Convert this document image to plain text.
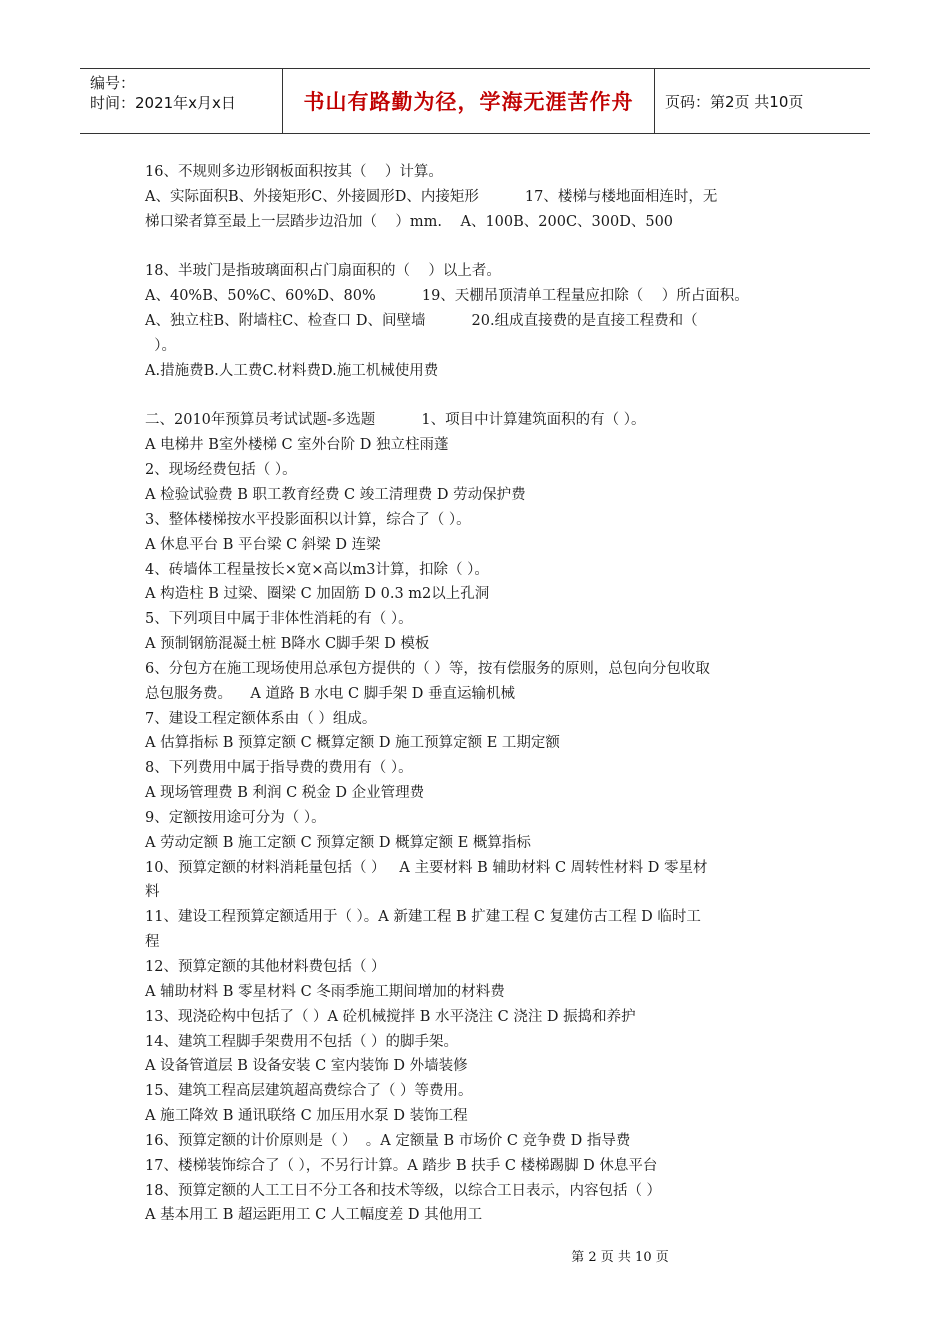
编号：
时间：2021年x月x日	书山有路勤为径，学海无涯苦作舟	页码：第2页 共10页
16、不规则多边形钢板面积按其（    ）计算。
A、实际面积B、外接矩形C、外接圆形D、内接矩形          17、楼梯与楼地面相连时，无
梯口梁者算至最上一层踏步边沿加（    ）mm.    A、100B、200C、300D、500
18、半玻门是指玻璃面积占门扇面积的（    ）以上者。
A、40%B、50%C、60%D、80%          19、天棚吊顶清单工程量应扣除（    ）所占面积。
A、独立柱B、附墙柱C、检查口 D、间壁墙          20.组成直接费的是直接工程费和（
）。
A.措施费B.人工费C.材料费D.施工机械使用费
二、2010年预算员考试试题-多选题          1、项目中计算建筑面积的有（ ）。
A 电梯井 B室外楼梯 C 室外台阶 D 独立柱雨蓬
2、现场经费包括（ ）。
A 检验试验费 B 职工教育经费 C 竣工清理费 D 劳动保护费
3、整体楼梯按水平投影面积以计算，综合了（ ）。
A 休息平台 B 平台梁 C 斜梁 D 连梁
4、砖墙体工程量按长×宽×高以m3计算，扣除（ ）。
A 构造柱 B 过梁、圈梁 C 加固筋 D 0.3 m2以上孔洞
5、下列项目中属于非体性消耗的有（ ）。
A 预制钢筋混凝土桩 B降水 C脚手架 D 模板
6、分包方在施工现场使用总承包方提供的（ ）等，按有偿服务的原则，总包向分包收取
总包服务费。    A 道路 B 水电 C 脚手架 D 垂直运输机械
7、建设工程定额体系由（ ）组成。
A 估算指标 B 预算定额 C 概算定额 D 施工预算定额 E 工期定额
8、下列费用中属于指导费的费用有（ ）。
A 现场管理费 B 利润 C 税金 D 企业管理费
9、定额按用途可分为（ ）。
A 劳动定额 B 施工定额 C 预算定额 D 概算定额 E 概算指标
10、预算定额的材料消耗量包括（ ）   A 主要材料 B 辅助材料 C 周转性材料 D 零星材
料
11、建设工程预算定额适用于（ ）。A 新建工程 B 扩建工程 C 复建仿古工程 D 临时工
程
12、预算定额的其他材料费包括（ ）
A 辅助材料 B 零星材料 C 冬雨季施工期间增加的材料费
13、现浇砼构中包括了（ ）A 砼机械搅拌 B 水平浇注 C 浇注 D 振捣和养护
14、建筑工程脚手架费用不包括（ ）的脚手架。
A 设备管道层 B 设备安装 C 室内装饰 D 外墙装修
15、建筑工程高层建筑超高费综合了（ ）等费用。
A 施工降效 B 通讯联络 C 加压用水泵 D 装饰工程
16、预算定额的计价原则是（ ）  。A 定额量 B 市场价 C 竞争费 D 指导费
17、楼梯装饰综合了（ ），不另行计算。A 踏步 B 扶手 C 楼梯踢脚 D 休息平台
18、预算定额的人工工日不分工各和技术等级，以综合工日表示，内容包括（ ）
A 基本用工 B 超运距用工 C 人工幅度差 D 其他用工
第 2 页 共 10 页
